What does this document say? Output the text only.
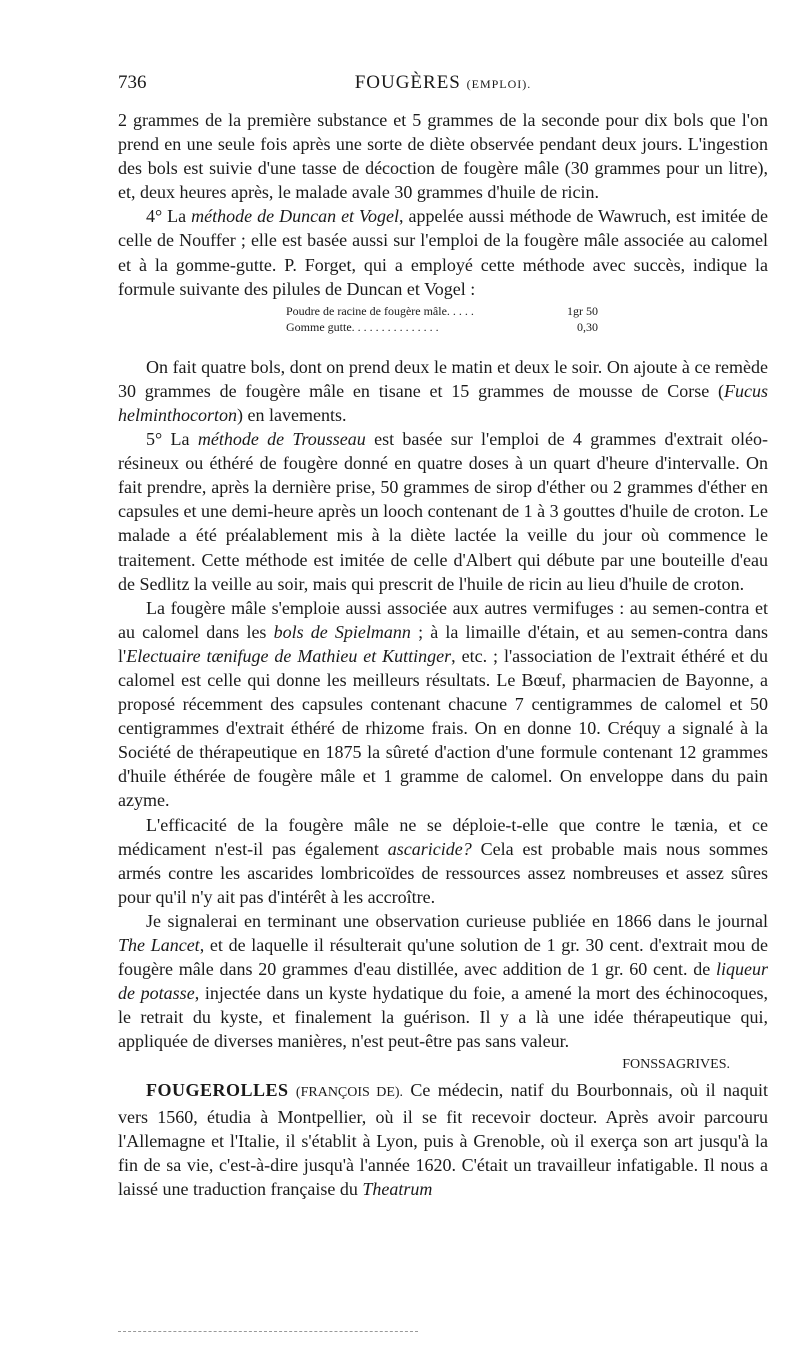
736	FOUGÈRES (EMPLOI).

2 grammes de la première substance et 5 grammes de la seconde pour dix bols que l'on prend en une seule fois après une sorte de diète observée pendant deux jours. L'ingestion des bols est suivie d'une tasse de décoction de fougère mâle (30 grammes pour un litre), et, deux heures après, le malade avale 30 grammes d'huile de ricin.

4° La méthode de Duncan et Vogel, appelée aussi méthode de Wawruch, est imitée de celle de Nouffer ; elle est basée aussi sur l'emploi de la fougère mâle associée au calomel et à la gomme-gutte. P. Forget, qui a employé cette méthode avec succès, indique la formule suivante des pilules de Duncan et Vogel :

Poudre de racine de fougère mâle. . . . .	1gr 50
Gomme gutte. . . . . . . . . . . . . . .	0,30

On fait quatre bols, dont on prend deux le matin et deux le soir. On ajoute à ce remède 30 grammes de fougère mâle en tisane et 15 grammes de mousse de Corse (Fucus helminthocorton) en lavements.

5° La méthode de Trousseau est basée sur l'emploi de 4 grammes d'extrait oléo-résineux ou éthéré de fougère donné en quatre doses à un quart d'heure d'intervalle. On fait prendre, après la dernière prise, 50 grammes de sirop d'éther ou 2 grammes d'éther en capsules et une demi-heure après un looch contenant de 1 à 3 gouttes d'huile de croton. Le malade a été préalablement mis à la diète lactée la veille du jour où commence le traitement. Cette méthode est imitée de celle d'Albert qui débute par une bouteille d'eau de Sedlitz la veille au soir, mais qui prescrit de l'huile de ricin au lieu d'huile de croton.

La fougère mâle s'emploie aussi associée aux autres vermifuges : au semen-contra et au calomel dans les bols de Spielmann ; à la limaille d'étain, et au semen-contra dans l'Electuaire tænifuge de Mathieu et Kuttinger, etc. ; l'association de l'extrait éthéré et du calomel est celle qui donne les meilleurs résultats. Le Bœuf, pharmacien de Bayonne, a proposé récemment des capsules contenant chacune 7 centigrammes de calomel et 50 centigrammes d'extrait éthéré de rhizome frais. On en donne 10. Créquy a signalé à la Société de thérapeutique en 1875 la sûreté d'action d'une formule contenant 12 grammes d'huile éthérée de fougère mâle et 1 gramme de calomel. On enveloppe dans du pain azyme.

L'efficacité de la fougère mâle ne se déploie-t-elle que contre le tænia, et ce médicament n'est-il pas également ascaricide? Cela est probable mais nous sommes armés contre les ascarides lombricoïdes de ressources assez nombreuses et assez sûres pour qu'il n'y ait pas d'intérêt à les accroître.

Je signalerai en terminant une observation curieuse publiée en 1866 dans le journal The Lancet, et de laquelle il résulterait qu'une solution de 1 gr. 30 cent. d'extrait mou de fougère mâle dans 20 grammes d'eau distillée, avec addition de 1 gr. 60 cent. de liqueur de potasse, injectée dans un kyste hydatique du foie, a amené la mort des échinocoques, le retrait du kyste, et finalement la guérison. Il y a là une idée thérapeutique qui, appliquée de diverses manières, n'est peut-être pas sans valeur.

FONSSAGRIVES.

FOUGEROLLES (FRANÇOIS DE). Ce médecin, natif du Bourbonnais, où il naquit vers 1560, étudia à Montpellier, où il se fit recevoir docteur. Après avoir parcouru l'Allemagne et l'Italie, il s'établit à Lyon, puis à Grenoble, où il exerça son art jusqu'à la fin de sa vie, c'est-à-dire jusqu'à l'année 1620. C'était un travailleur infatigable. Il nous a laissé une traduction française du Theatrum
